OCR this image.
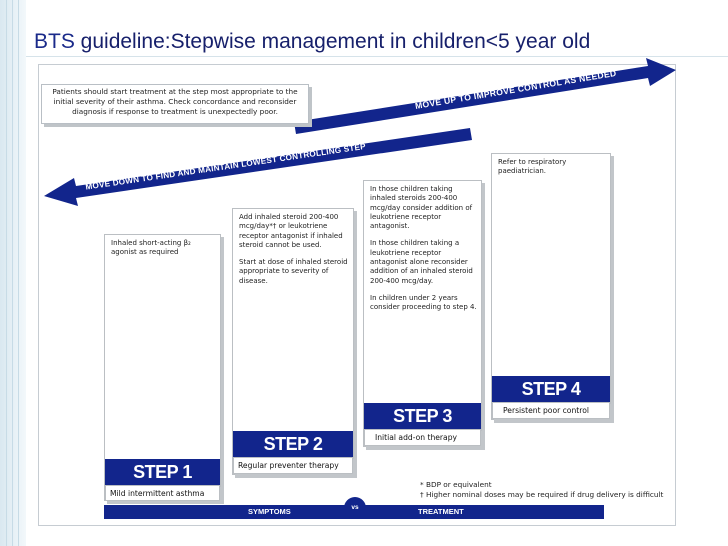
BTS guideline:Stepwise management in children<5 year old
MOVE UP TO IMPROVE CONTROL AS NEEDED
MOVE DOWN TO FIND AND MAINTAIN LOWEST CONTROLLING STEP
Patients should start treatment at the step most appropriate to the initial severity of their asthma. Check concordance and reconsider diagnosis if response to treatment is unexpectedly poor.

Inhaled short-acting β₂ agonist as required

STEP 1
Mild intermittent asthma

Add inhaled steroid 200-400 mcg/day*† or leukotriene receptor antagonist if inhaled steroid cannot be used.

Start at dose of inhaled steroid appropriate to severity of disease.

STEP 2
Regular preventer therapy

In those children taking inhaled steroids 200-400 mcg/day consider addition of leukotriene receptor antagonist.

In those children taking a leukotriene receptor antagonist alone reconsider addition of an inhaled steroid 200-400 mcg/day.

In children under 2 years consider proceeding to step 4.

STEP 3
Initial add-on therapy

Refer to respiratory paediatrician.

STEP 4
Persistent poor control
* BDP or equivalent
† Higher nominal doses may be required if drug delivery is difficult
SYMPTOMS	TREATMENT
vs
